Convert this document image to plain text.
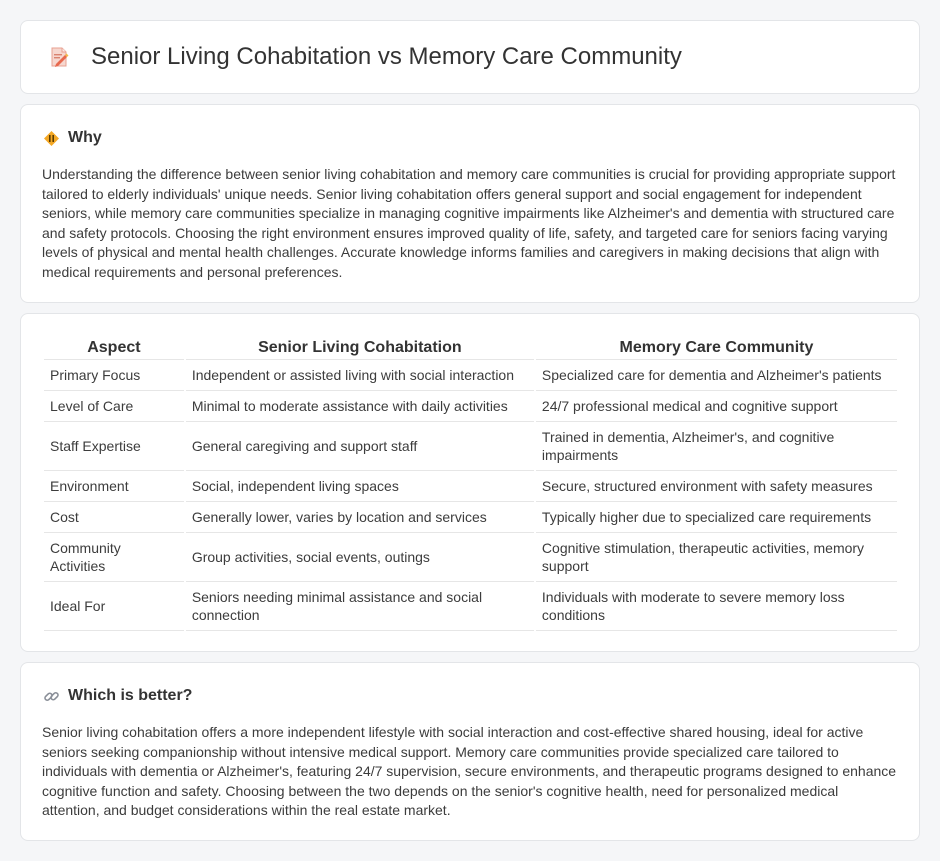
Senior Living Cohabitation vs Memory Care Community
Why

Understanding the difference between senior living cohabitation and memory care communities is crucial for providing appropriate support tailored to elderly individuals' unique needs. Senior living cohabitation offers general support and social engagement for independent seniors, while memory care communities specialize in managing cognitive impairments like Alzheimer's and dementia with structured care and safety protocols. Choosing the right environment ensures improved quality of life, safety, and targeted care for seniors facing varying levels of physical and mental health challenges. Accurate knowledge informs families and caregivers in making decisions that align with medical requirements and personal preferences.

Aspect	Senior Living Cohabitation	Memory Care Community
Primary Focus	Independent or assisted living with social interaction	Specialized care for dementia and Alzheimer's patients
Level of Care	Minimal to moderate assistance with daily activities	24/7 professional medical and cognitive support
Staff Expertise	General caregiving and support staff	Trained in dementia, Alzheimer's, and cognitive impairments
Environment	Social, independent living spaces	Secure, structured environment with safety measures
Cost	Generally lower, varies by location and services	Typically higher due to specialized care requirements
Community Activities	Group activities, social events, outings	Cognitive stimulation, therapeutic activities, memory support
Ideal For	Seniors needing minimal assistance and social connection	Individuals with moderate to severe memory loss conditions
Which is better?

Senior living cohabitation offers a more independent lifestyle with social interaction and cost-effective shared housing, ideal for active seniors seeking companionship without intensive medical support. Memory care communities provide specialized care tailored to individuals with dementia or Alzheimer's, featuring 24/7 supervision, secure environments, and therapeutic programs designed to enhance cognitive function and safety. Choosing between the two depends on the senior's cognitive health, need for personalized medical attention, and budget considerations within the real estate market.
